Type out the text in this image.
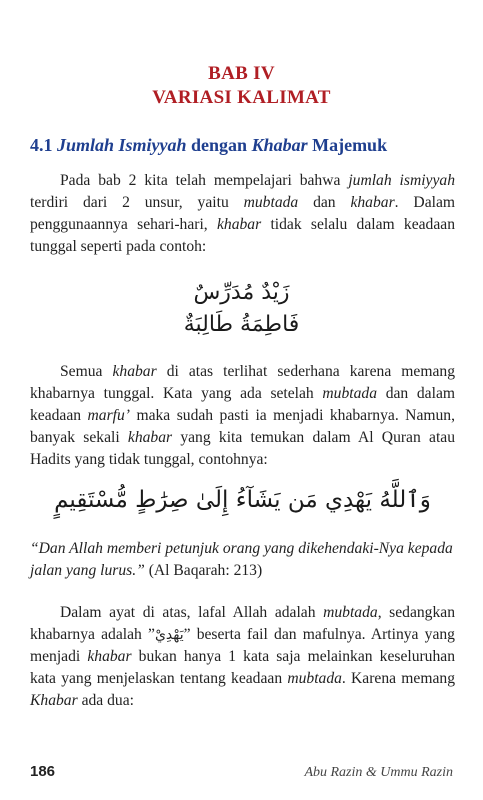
BAB IV
VARIASI KALIMAT
4.1 Jumlah Ismiyyah dengan Khabar Majemuk

Pada bab 2 kita telah mempelajari bahwa jumlah ismiyyah terdiri dari 2 unsur, yaitu mubtada dan khabar. Dalam penggunaannya sehari-hari, khabar tidak selalu dalam keadaan tunggal seperti pada contoh:

زَيْدٌ مُدَرِّسٌ
فَاطِمَةُ طَالِبَةٌ

Semua khabar di atas terlihat sederhana karena memang khabarnya tunggal. Kata yang ada setelah mubtada dan dalam keadaan marfu’ maka sudah pasti ia menjadi khabarnya. Namun, banyak sekali khabar yang kita temukan dalam Al Quran atau Hadits yang tidak tunggal, contohnya:

وَٱللَّهُ يَهْدِي مَن يَشَآءُ إِلَىٰ صِرَٰطٍ مُّسْتَقِيمٍ

“Dan Allah memberi petunjuk orang yang dikehendaki-Nya kepada jalan yang lurus.” (Al Baqarah: 213)

Dalam ayat di atas, lafal Allah adalah mubtada, sedangkan khabarnya adalah ”يَهْدِيْ” beserta fail dan mafulnya. Artinya yang menjadi khabar bukan hanya 1 kata saja melainkan keseluruhan kata yang menjelaskan tentang keadaan mubtada. Karena memang Khabar ada dua:

186	Abu Razin & Ummu Razin
